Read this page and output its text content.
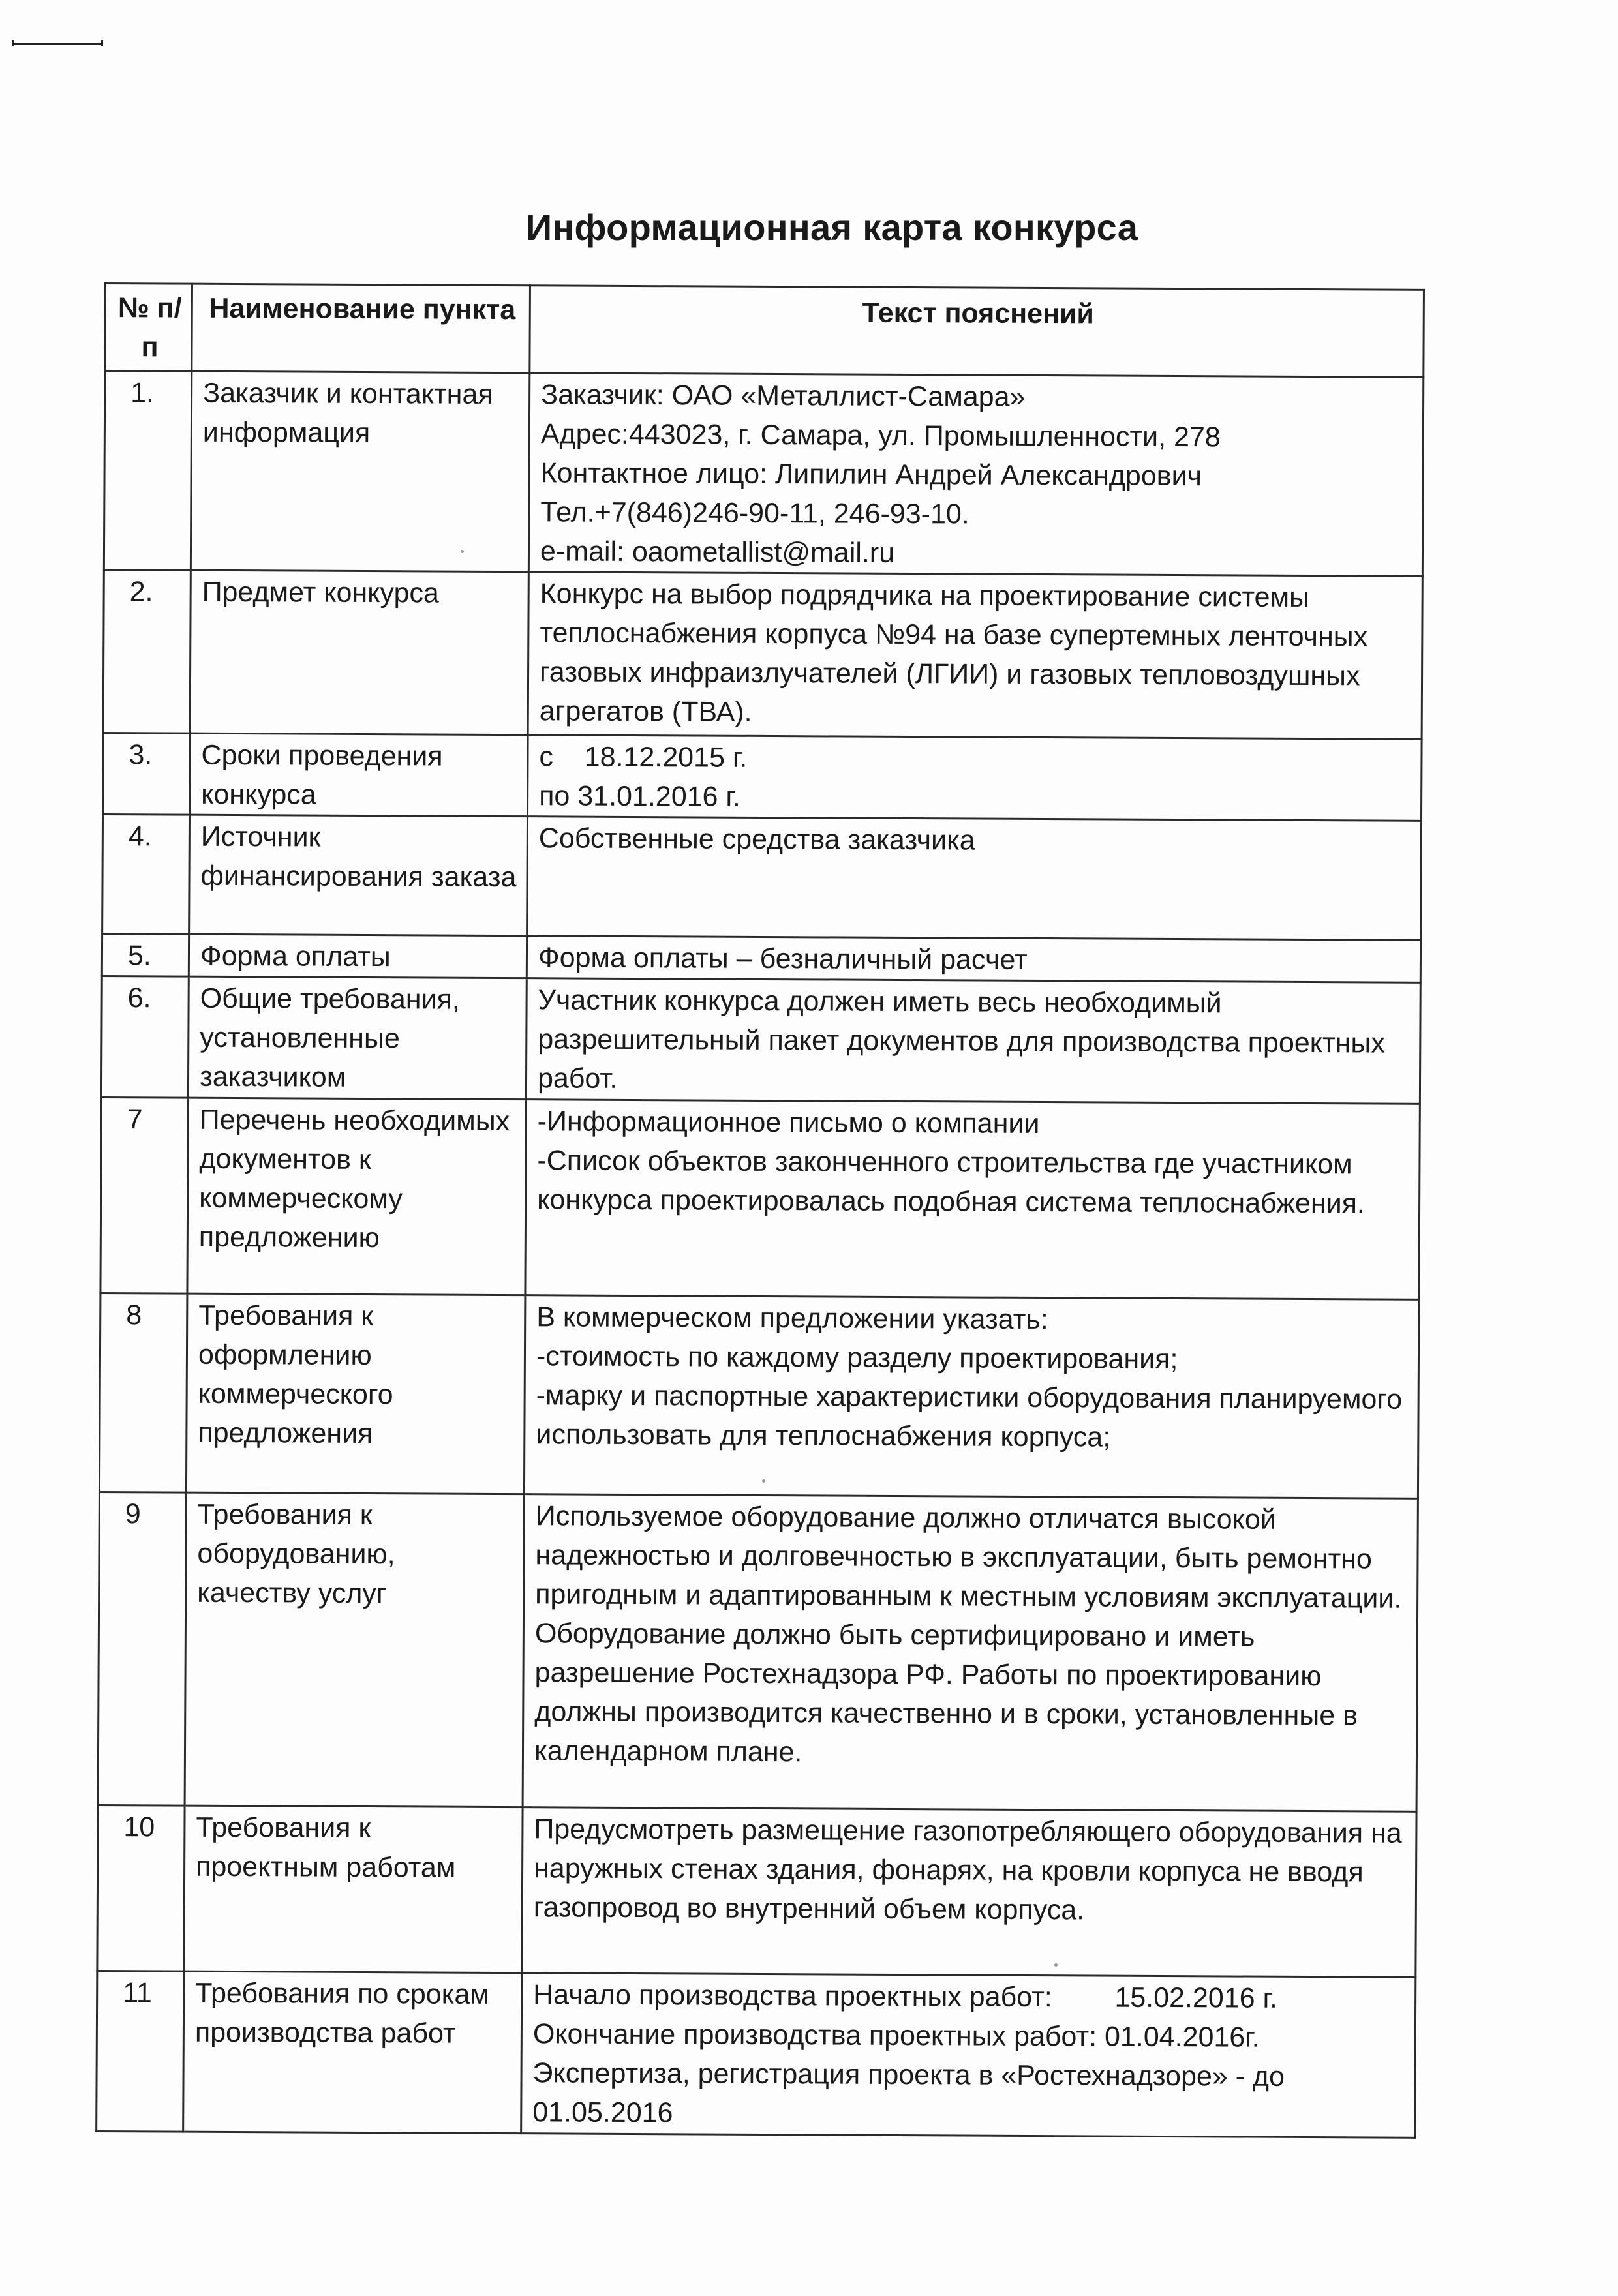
Информационная карта конкурса
№ п/п	Наименование пункта	Текст пояснений
1.	Заказчик и контактная информация	Заказчик: ОАО «Металлист-Самара»
Адрес:443023, г. Самара, ул. Промышленности, 278
Контактное лицо: Липилин Андрей Александрович
Тел.+7(846)246-90-11, 246-93-10.
e-mail: oaometallist@mail.ru

2.	Предмет конкурса	Конкурс на выбор подрядчика на проектирование системы теплоснабжения корпуса №94 на базе супертемных ленточных газовых инфраизлучателей (ЛГИИ) и газовых тепловоздушных агрегатов (ТВА).

3.	Сроки проведения конкурса	с    18.12.2015 г.
по 31.01.2016 г.

4.	Источник финансирования заказа	Собственные средства заказчика

5.	Форма оплаты	Форма оплаты – безналичный расчет

6.	Общие требования, установленные заказчиком	Участник конкурса должен иметь весь необходимый разрешительный пакет документов для производства проектных работ.

7	Перечень необходимых документов к коммерческому предложению	-Информационное письмо о компании
-Список объектов законченного строительства где участником конкурса проектировалась подобная система теплоснабжения.

8	Требования к оформлению коммерческого предложения	В коммерческом предложении указать:
-стоимость по каждому разделу проектирования;
-марку и паспортные характеристики оборудования планируемого использовать для теплоснабжения корпуса;

9	Требования к оборудованию, качеству услуг	Используемое оборудование должно отличатся высокой надежностью и долговечностью в эксплуатации, быть ремонтно пригодным и адаптированным к местным условиям эксплуатации. Оборудование должно быть сертифицировано и иметь разрешение Ростехнадзора РФ. Работы по проектированию должны производится качественно и в сроки, установленные в календарном плане.

10	Требования к проектным работам	Предусмотреть размещение газопотребляющего оборудования на наружных стенах здания, фонарях, на кровли корпуса не вводя газопровод во внутренний объем корпуса.

11	Требования по срокам производства работ	Начало производства проектных работ:        15.02.2016 г.
Окончание производства проектных работ: 01.04.2016г.
Экспертиза, регистрация проекта в «Ростехнадзоре» - до 01.05.2016
